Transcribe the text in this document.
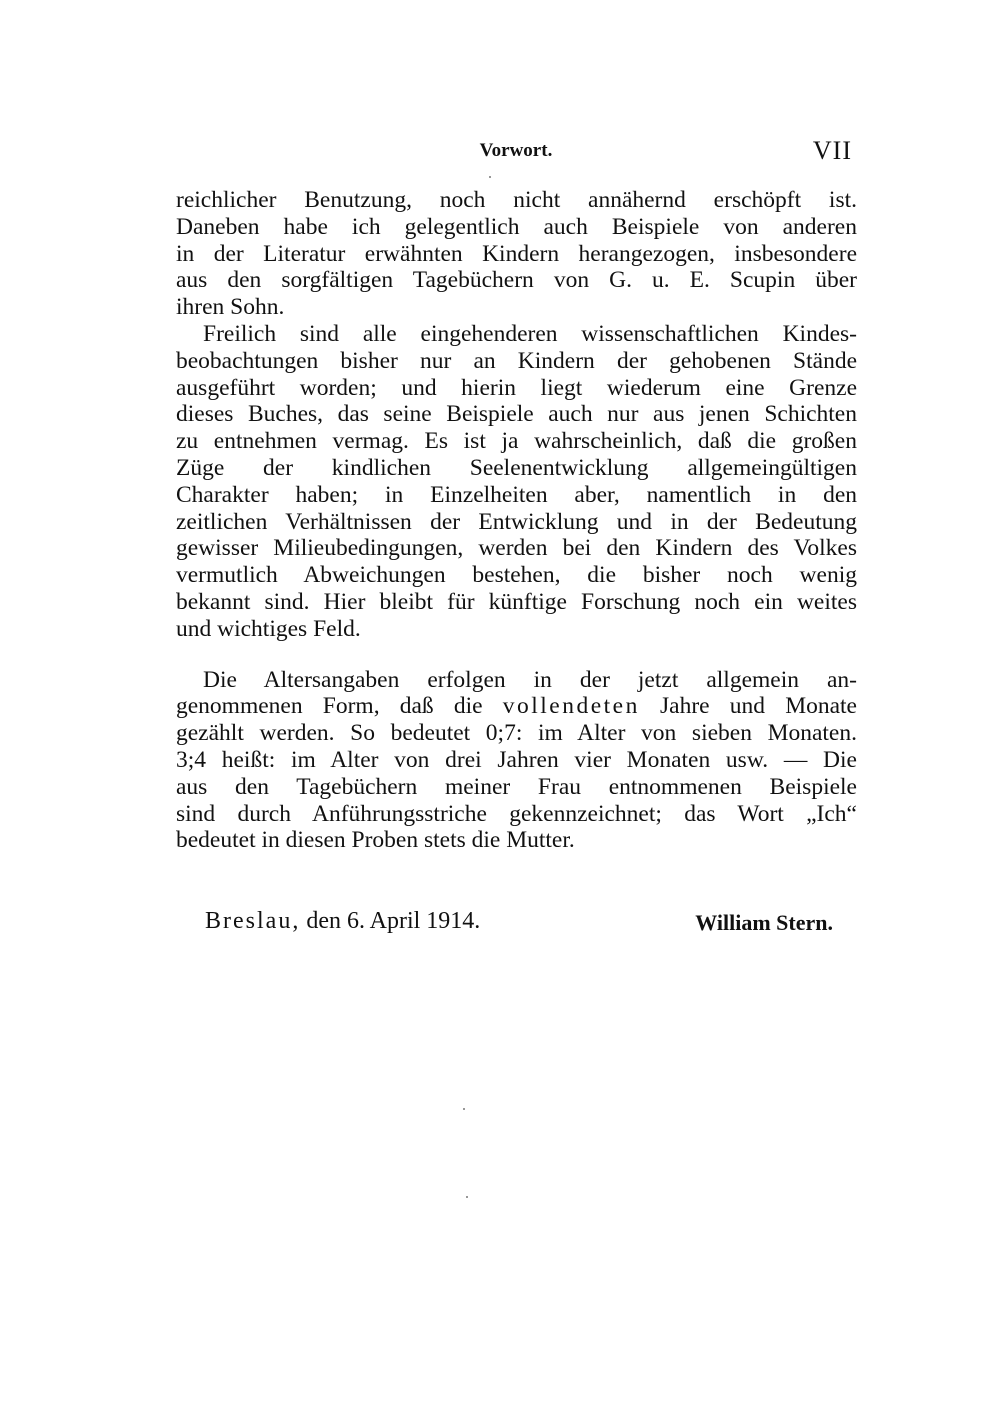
Vorwort.	VII
reichlicher Benutzung, noch nicht annähernd erschöpft ist.
Daneben habe ich gelegentlich auch Beispiele von anderen
in der Literatur erwähnten Kindern herangezogen, insbesondere
aus den sorgfältigen Tagebüchern von G. u. E. Scupin über
ihren Sohn.
Freilich sind alle eingehenderen wissenschaftlichen Kindes-
beobachtungen bisher nur an Kindern der gehobenen Stände
ausgeführt worden; und hierin liegt wiederum eine Grenze
dieses Buches, das seine Beispiele auch nur aus jenen Schichten
zu entnehmen vermag. Es ist ja wahrscheinlich, daß die großen
Züge der kindlichen Seelenentwicklung allgemeingültigen
Charakter haben; in Einzelheiten aber, namentlich in den
zeitlichen Verhältnissen der Entwicklung und in der Bedeutung
gewisser Milieubedingungen, werden bei den Kindern des Volkes
vermutlich Abweichungen bestehen, die bisher noch wenig
bekannt sind. Hier bleibt für künftige Forschung noch ein weites
und wichtiges Feld.
Die Altersangaben erfolgen in der jetzt allgemein an-
genommenen Form, daß die vollendeten Jahre und Monate
gezählt werden. So bedeutet 0;7: im Alter von sieben Monaten.
3;4 heißt: im Alter von drei Jahren vier Monaten usw. — Die
aus den Tagebüchern meiner Frau entnommenen Beispiele
sind durch Anführungsstriche gekennzeichnet; das Wort „Ich“
bedeutet in diesen Proben stets die Mutter.
Breslau, den 6. April 1914.	William Stern.
